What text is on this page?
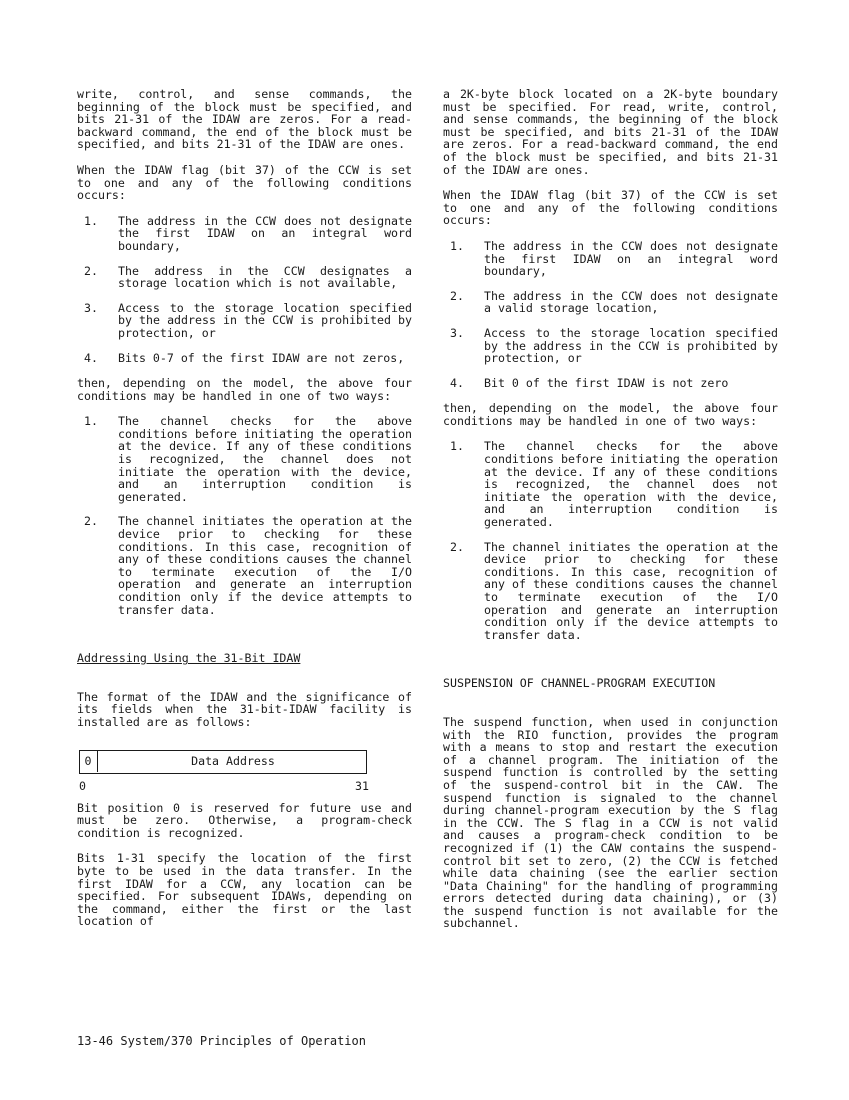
write, control, and sense commands, the beginning of the block must be specified, and bits 21-31 of the IDAW are zeros. For a read-backward command, the end of the block must be specified, and bits 21-31 of the IDAW are ones.

When the IDAW flag (bit 37) of the CCW is set to one and any of the following conditions occurs:

1. The address in the CCW does not designate the first IDAW on an integral word boundary,
2. The address in the CCW designates a storage location which is not available,
3. Access to the storage location specified by the address in the CCW is prohibited by protection, or
4. Bits 0-7 of the first IDAW are not zeros,

then, depending on the model, the above four conditions may be handled in one of two ways:

1. The channel checks for the above conditions before initiating the operation at the device. If any of these conditions is recognized, the channel does not initiate the operation with the device, and an interruption condition is generated.
2. The channel initiates the operation at the device prior to checking for these conditions. In this case, recognition of any of these conditions causes the channel to terminate execution of the I/O operation and generate an interruption condition only if the device attempts to transfer data.
Addressing Using the 31-Bit IDAW

The format of the IDAW and the significance of its fields when the 31-bit-IDAW facility is installed are as follows:

0	Data Address
0	31

Bit position 0 is reserved for future use and must be zero. Otherwise, a program-check condition is recognized.

Bits 1-31 specify the location of the first byte to be used in the data transfer. In the first IDAW for a CCW, any location can be specified. For subsequent IDAWs, depending on the command, either the first or the last location of

a 2K-byte block located on a 2K-byte boundary must be specified. For read, write, control, and sense commands, the beginning of the block must be specified, and bits 21-31 of the IDAW are zeros. For a read-backward command, the end of the block must be specified, and bits 21-31 of the IDAW are ones.

When the IDAW flag (bit 37) of the CCW is set to one and any of the following conditions occurs:

1. The address in the CCW does not designate the first IDAW on an integral word boundary,
2. The address in the CCW does not designate a valid storage location,
3. Access to the storage location specified by the address in the CCW is prohibited by protection, or
4. Bit 0 of the first IDAW is not zero

then, depending on the model, the above four conditions may be handled in one of two ways:

1. The channel checks for the above conditions before initiating the operation at the device. If any of these conditions is recognized, the channel does not initiate the operation with the device, and an interruption condition is generated.
2. The channel initiates the operation at the device prior to checking for these conditions. In this case, recognition of any of these conditions causes the channel to terminate execution of the I/O operation and generate an interruption condition only if the device attempts to transfer data.
SUSPENSION OF CHANNEL-PROGRAM EXECUTION

The suspend function, when used in conjunction with the RIO function, provides the program with a means to stop and restart the execution of a channel program. The initiation of the suspend function is controlled by the setting of the suspend-control bit in the CAW. The suspend function is signaled to the channel during channel-program execution by the S flag in the CCW. The S flag in a CCW is not valid and causes a program-check condition to be recognized if (1) the CAW contains the suspend-control bit set to zero, (2) the CCW is fetched while data chaining (see the earlier section "Data Chaining" for the handling of programming errors detected during data chaining), or (3) the suspend function is not available for the subchannel.

13-46 System/370 Principles of Operation
